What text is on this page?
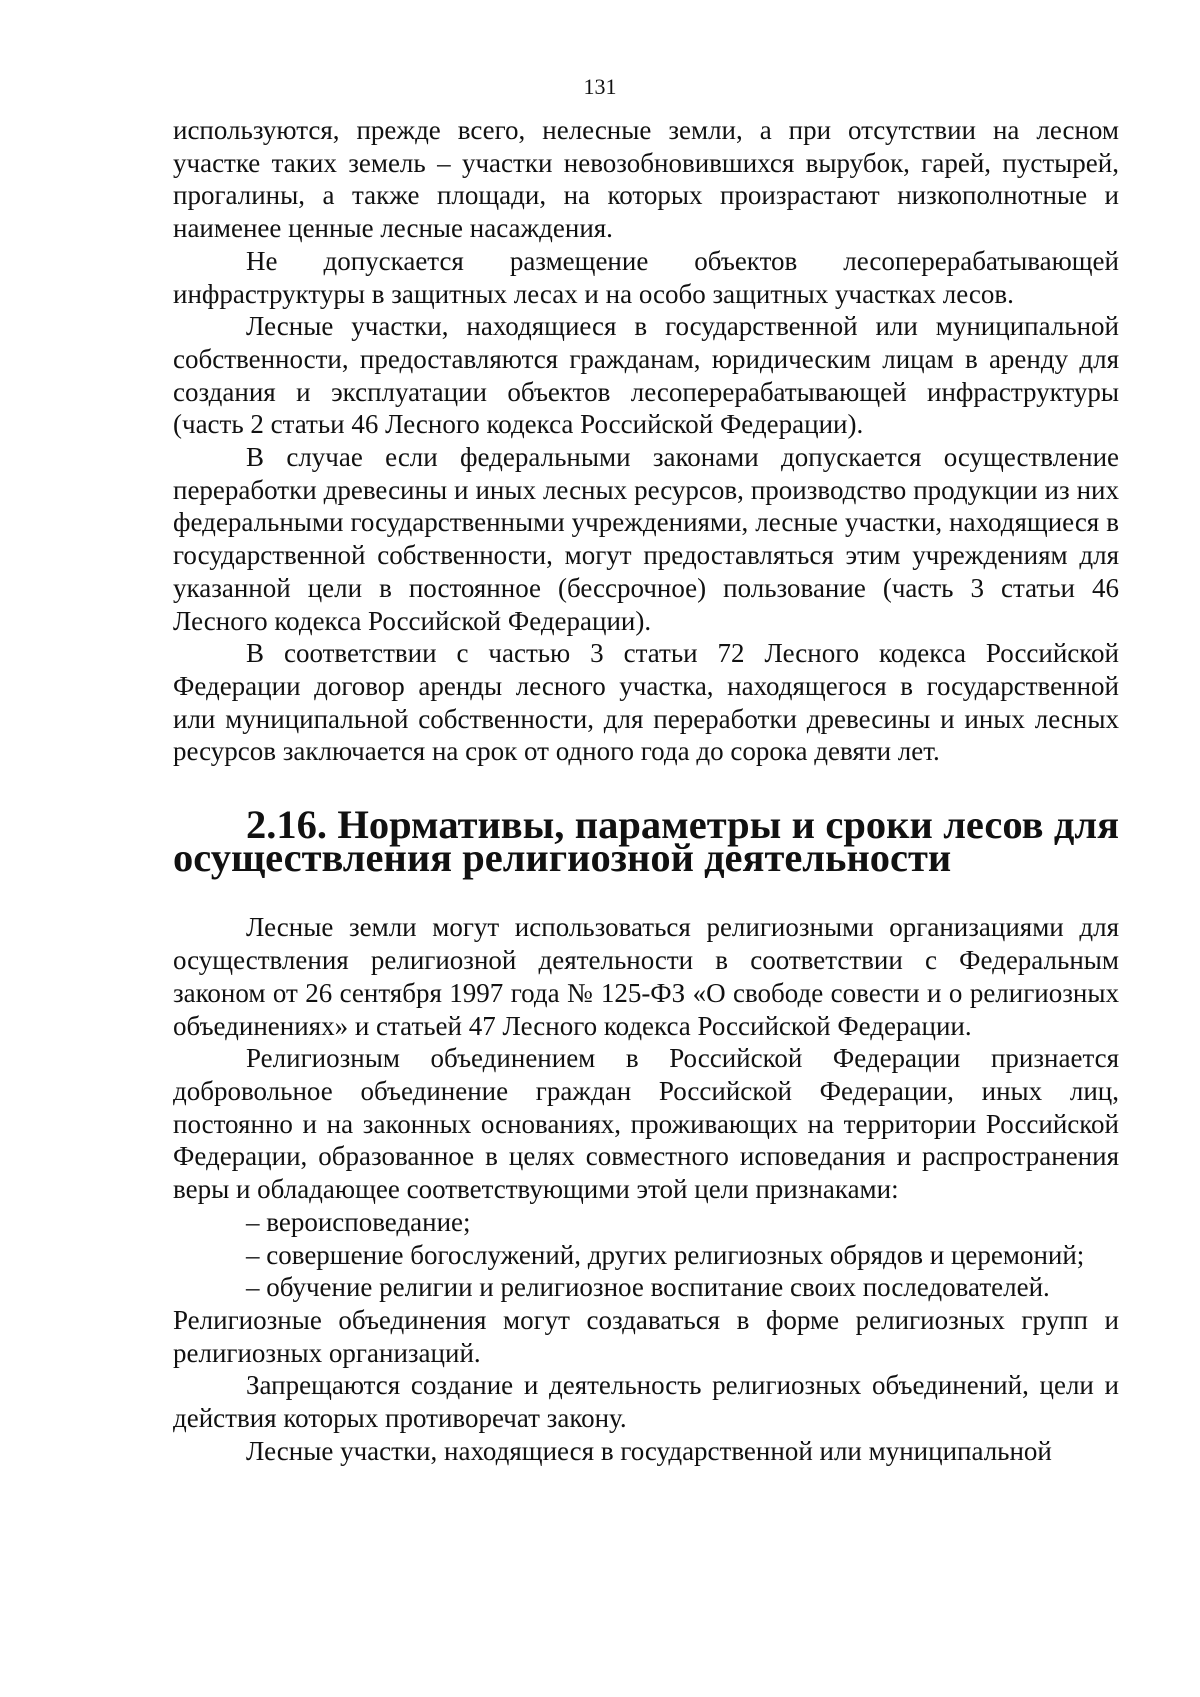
131

используются, прежде всего, нелесные земли, а при отсутствии на лесном участке таких земель – участки невозобновившихся вырубок, гарей, пустырей, прогалины, а также площади, на которых произрастают низкополнотные и наименее ценные лесные насаждения.

Не допускается размещение объектов лесоперерабатывающей инфраструктуры в защитных лесах и на особо защитных участках лесов.

Лесные участки, находящиеся в государственной или муниципальной собственности, предоставляются гражданам, юридическим лицам в аренду для создания и эксплуатации объектов лесоперерабатывающей инфраструктуры (часть 2 статьи 46 Лесного кодекса Российской Федерации).

В случае если федеральными законами допускается осуществление переработки древесины и иных лесных ресурсов, производство продукции из них федеральными государственными учреждениями, лесные участки, находящиеся в государственной собственности, могут предоставляться этим учреждениям для указанной цели в постоянное (бессрочное) пользование (часть 3 статьи 46 Лесного кодекса Российской Федерации).

В соответствии с частью 3 статьи 72 Лесного кодекса Российской Федерации договор аренды лесного участка, находящегося в государственной или муниципальной собственности, для переработки древесины и иных лесных ресурсов заключается на срок от одного года до сорока девяти лет.

2.16. Нормативы, параметры и сроки лесов для осуществления религиозной деятельности

Лесные земли могут использоваться религиозными организациями для осуществления религиозной деятельности в соответствии с Федеральным законом от 26 сентября 1997 года № 125-ФЗ «О свободе совести и о религиозных объединениях» и статьей 47 Лесного кодекса Российской Федерации.

Религиозным объединением в Российской Федерации признается добровольное объединение граждан Российской Федерации, иных лиц, постоянно и на законных основаниях, проживающих на территории Российской Федерации, образованное в целях совместного исповедания и распространения веры и обладающее соответствующими этой цели признаками:

– вероисповедание;
– совершение богослужений, других религиозных обрядов и церемоний;
– обучение религии и религиозное воспитание своих последователей.

Религиозные объединения могут создаваться в форме религиозных групп и религиозных организаций.

Запрещаются создание и деятельность религиозных объединений, цели и действия которых противоречат закону.

Лесные участки, находящиеся в государственной или муниципальной
